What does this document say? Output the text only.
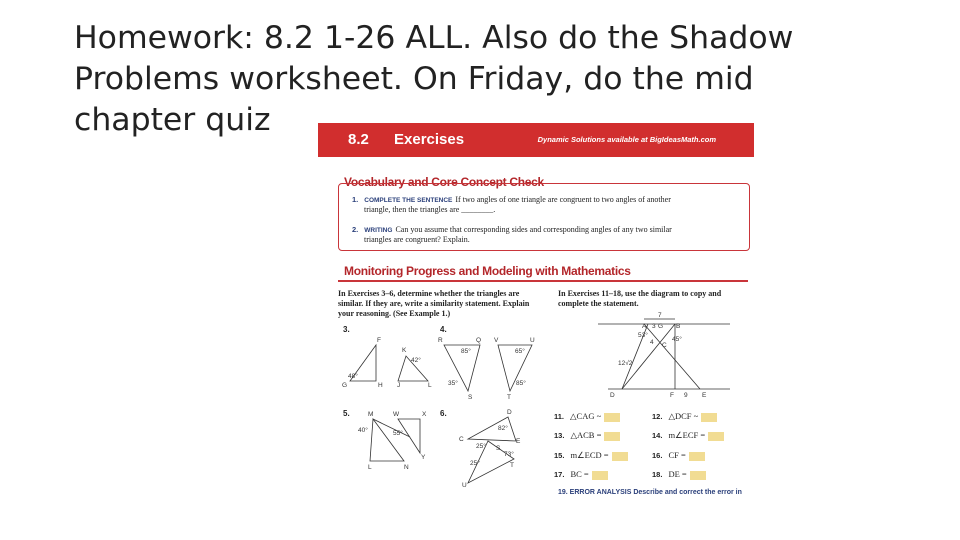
Homework: 8.2 1-26 ALL. Also do the Shadow Problems worksheet. On Friday, do the mid chapter quiz
8.2 Exercises	Dynamic Solutions available at BigIdeasMath.com
Vocabulary and Core Concept Check
1. COMPLETE THE SENTENCE If two angles of one triangle are congruent to two angles of another
triangle, then the triangles are ________.
2. WRITING Can you assume that corresponding sides and corresponding angles of any two similar
triangles are congruent? Explain.
Monitoring Progress and Modeling with Mathematics
In Exercises 3–6, determine whether the triangles are
similar. If they are, write a similarity statement. Explain
your reasoning. (See Example 1.)
In Exercises 11–18, use the diagram to copy and
complete the statement.
3.	4.
5.	6.
F
K
G	H J	L
48°
42°
R	Q V	U
S	T
85°	65°
35°	85°
M	W	X
L	N
Y
40°	55°
D
C	E
S
T
U
82°
25°
73°
25°
7
A 3 G B
53°
45°
4 C
12√2
D	F 9 E
11. △CAG ~	12. △DCF ~
13. △ACB =	14. m∠ECF =
15. m∠ECD =	16. CF =
17. BC =	18. DE =
19. ERROR ANALYSIS Describe and correct the error in
